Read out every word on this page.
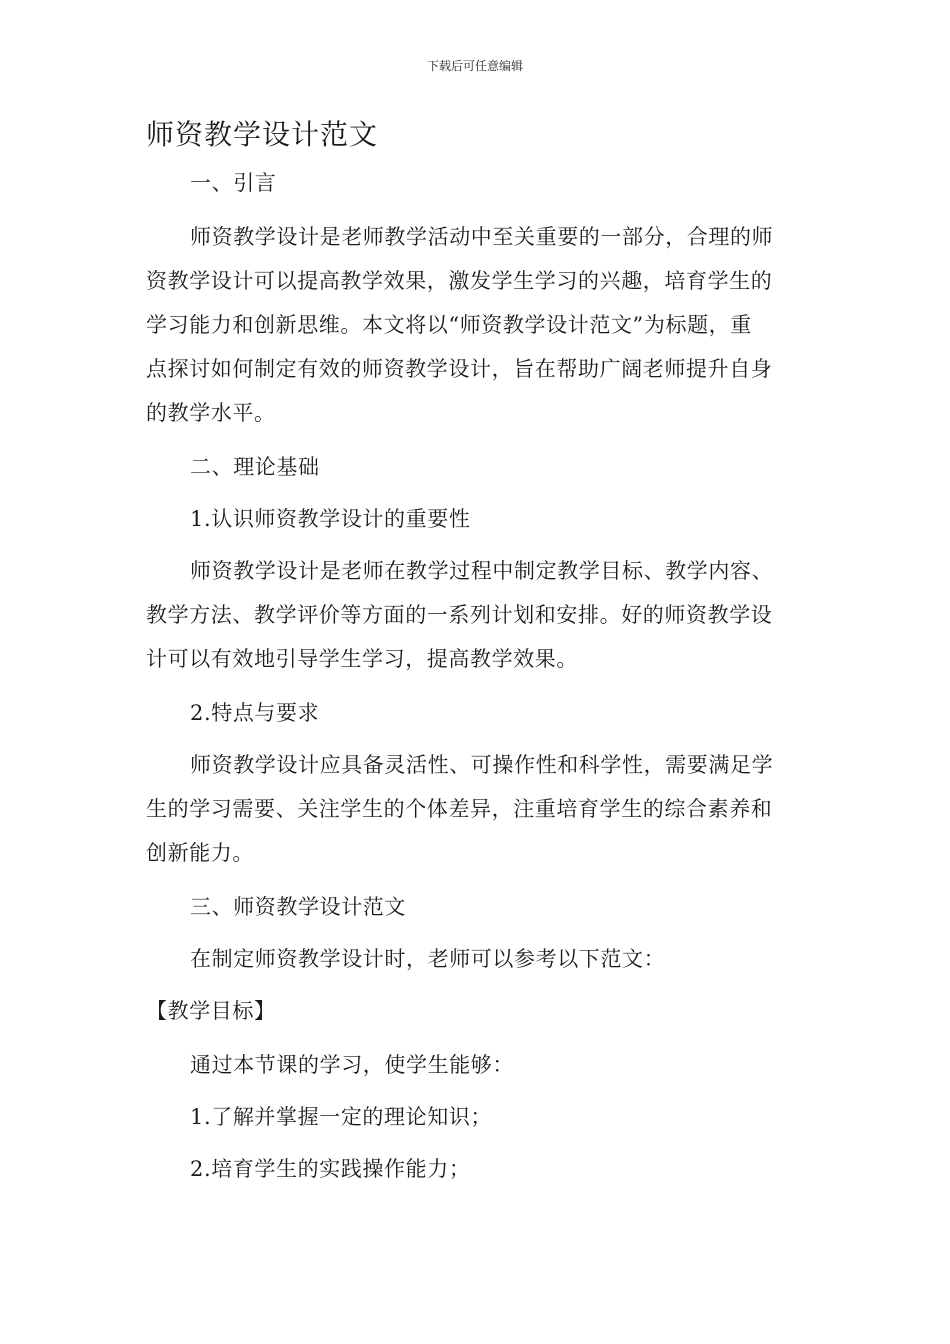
下载后可任意编辑
师资教学设计范文

一、引言

师资教学设计是老师教学活动中至关重要的一部分，合理的师

资教学设计可以提高教学效果，激发学生学习的兴趣，培育学生的

学习能力和创新思维。本文将以“师资教学设计范文”为标题，重

点探讨如何制定有效的师资教学设计，旨在帮助广阔老师提升自身

的教学水平。

二、理论基础

1.认识师资教学设计的重要性

师资教学设计是老师在教学过程中制定教学目标、教学内容、

教学方法、教学评价等方面的一系列计划和安排。好的师资教学设

计可以有效地引导学生学习，提高教学效果。

2.特点与要求

师资教学设计应具备灵活性、可操作性和科学性，需要满足学

生的学习需要、关注学生的个体差异，注重培育学生的综合素养和

创新能力。

三、师资教学设计范文

在制定师资教学设计时，老师可以参考以下范文：

【教学目标】

通过本节课的学习，使学生能够：

1.了解并掌握一定的理论知识；

2.培育学生的实践操作能力；
